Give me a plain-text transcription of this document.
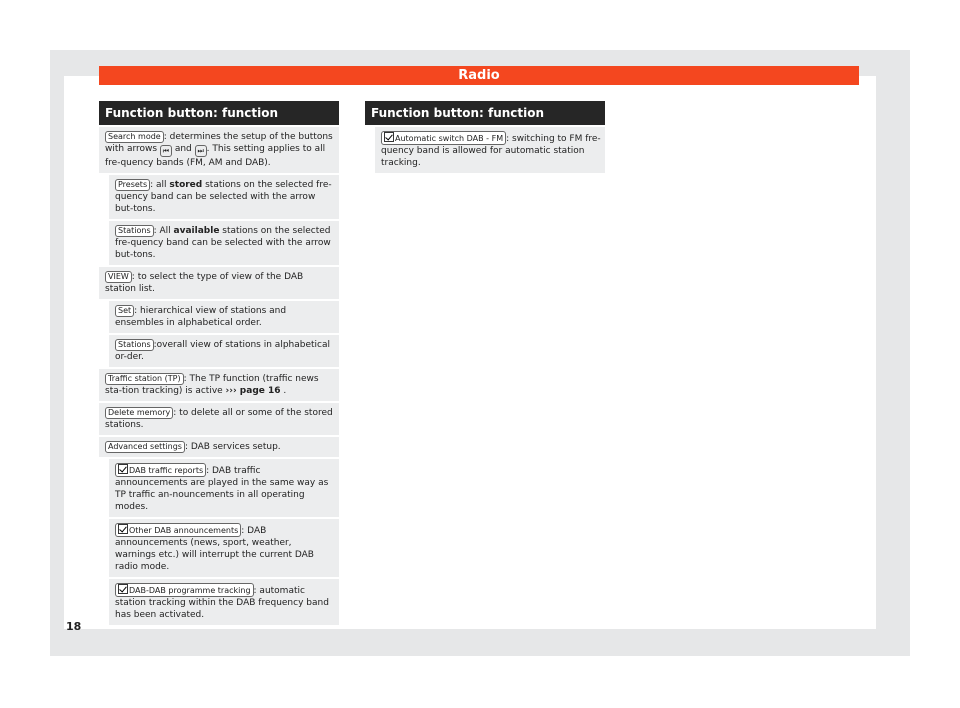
Radio
Function button: function
Search mode : determines the setup of the buttons with arrows ⏮ and ⏭ . This setting applies to all fre-quency bands (FM, AM and DAB).
Presets : all stored stations on the selected fre-quency band can be selected with the arrow but-tons.
Stations : All available stations on the selected fre-quency band can be selected with the arrow but-tons.
VIEW : to select the type of view of the DAB station list.
Set : hierarchical view of stations and ensembles in alphabetical order.
Stations :overall view of stations in alphabetical or-der.
Traffic station (TP) : The TP function (traffic news sta-tion tracking) is active ››› page 16 .
Delete memory : to delete all or some of the stored stations.
Advanced settings : DAB services setup.
DAB traffic reports : DAB traffic announcements are played in the same way as TP traffic an-nouncements in all operating modes.
Other DAB announcements : DAB announcements (news, sport, weather, warnings etc.) will interrupt the current DAB radio mode.
DAB-DAB programme tracking : automatic station tracking within the DAB frequency band has been activated.
Function button: function
Automatic switch DAB - FM : switching to FM fre-quency band is allowed for automatic station tracking.
18
